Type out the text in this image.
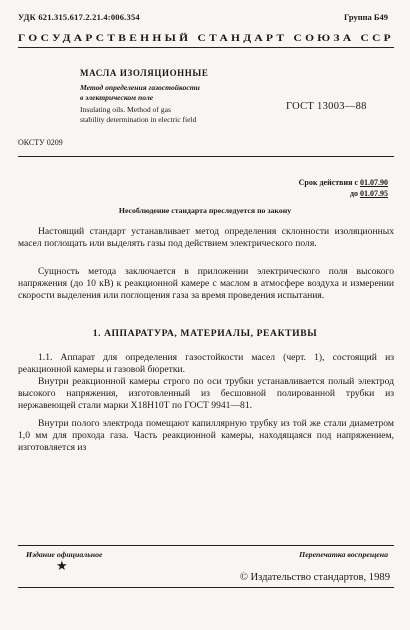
УДК 621.315.617.2.21.4:006.354	Группа Б49
ГОСУДАРСТВЕННЫЙ СТАНДАРТ СОЮЗА ССР
МАСЛА ИЗОЛЯЦИОННЫЕ
Метод определения газостойкости
в электрическом поле
Insulating oils. Method of gas
stability determination in electric field
ГОСТ 13003—88
ОКСТУ 0209
Срок действия с 01.07.90
до 01.07.95
Несоблюдение стандарта преследуется по закону
Настоящий стандарт устанавливает метод определения склонности изоляционных масел поглощать или выделять газы под действием электрического поля.
Сущность метода заключается в приложении электрического поля высокого напряжения (до 10 кВ) к реакционной камере с маслом в атмосфере воздуха и измерении скорости выделения или поглощения газа за время проведения испытания.
1. АППАРАТУРА, МАТЕРИАЛЫ, РЕАКТИВЫ
1.1. Аппарат для определения газостойкости масел (черт. 1), состоящий из реакционной камеры и газовой бюретки.
Внутри реакционной камеры строго по оси трубки устанавливается полый электрод высокого напряжения, изготовленный из бесшовной полированной трубки из нержавеющей стали марки Х18Н10Т по ГОСТ 9941—81.
Внутри полого электрода помещают капиллярную трубку из той же стали диаметром 1,0 мм для прохода газа. Часть реакционной камеры, находящаяся под напряжением, изготовляется из
Издание официальное	Перепечатка воспрещена
★
© Издательство стандартов, 1989
